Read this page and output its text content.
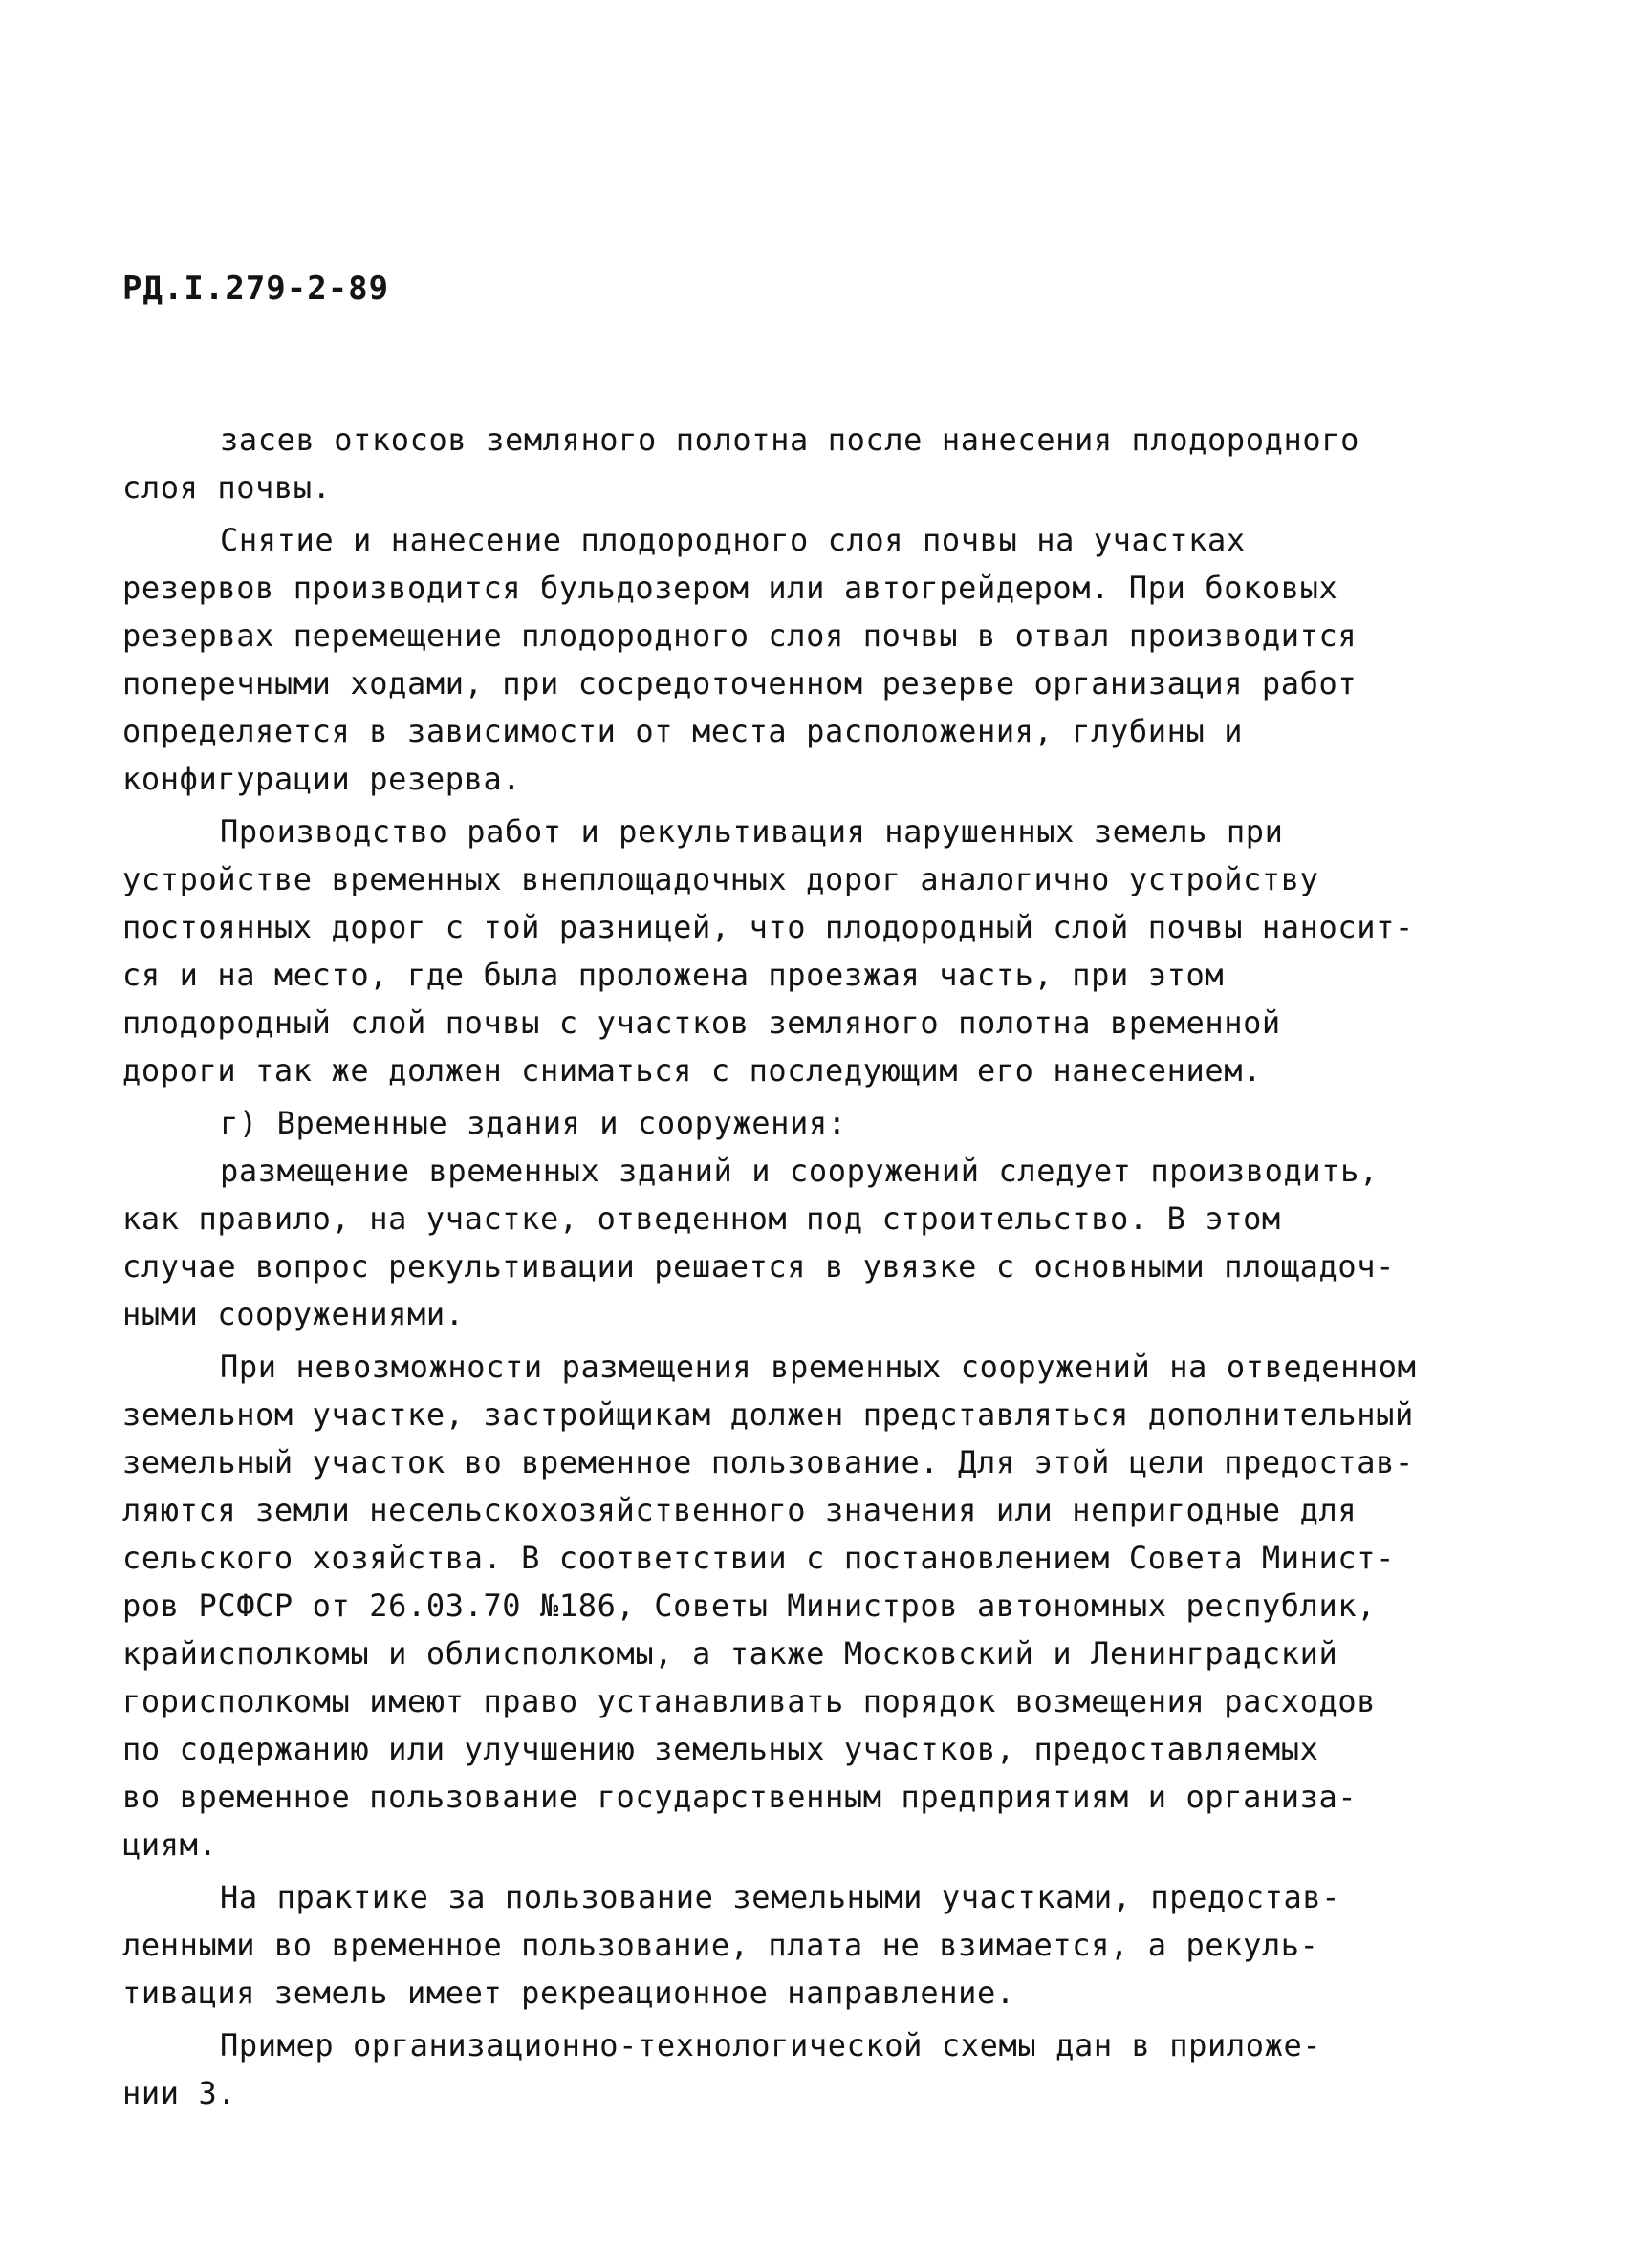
РД.I.279-2-89
засев откосов земляного полотна после нанесения плодородного
слоя почвы.
Снятие и нанесение плодородного слоя почвы на участках
резервов производится бульдозером или автогрейдером. При боковых
резервах перемещение плодородного слоя почвы в отвал производится
поперечными ходами, при сосредоточенном резерве организация работ
определяется в зависимости от места расположения, глубины и
конфигурации резерва.
Производство работ и рекультивация нарушенных земель при
устройстве временных внеплощадочных дорог аналогично устройству
постоянных дорог с той разницей, что плодородный слой почвы наносит-
ся и на место, где была проложена проезжая часть, при этом
плодородный слой почвы с участков земляного полотна временной
дороги так же должен сниматься с последующим его нанесением.
г) Временные здания и сооружения:
размещение временных зданий и сооружений следует производить,
как правило, на участке, отведенном под строительство. В этом
случае вопрос рекультивации решается в увязке с основными площадоч-
ными сооружениями.
При невозможности размещения временных сооружений на отведенном
земельном участке, застройщикам должен представляться дополнительный
земельный участок во временное пользование. Для этой цели предостав-
ляются земли несельскохозяйственного значения или непригодные для
сельского хозяйства. В соответствии с постановлением Совета Минист-
ров РСФСР от 26.03.70 №186, Советы Министров автономных республик,
крайисполкомы и облисполкомы, а также Московский и Ленинградский
горисполкомы имеют право устанавливать порядок возмещения расходов
по содержанию или улучшению земельных участков, предоставляемых
во временное пользование государственным предприятиям и организа-
циям.
На практике за пользование земельными участками, предостав-
ленными во временное пользование, плата не взимается, а рекуль-
тивация земель имеет рекреационное направление.
Пример организационно-технологической схемы дан в приложе-
нии 3.
